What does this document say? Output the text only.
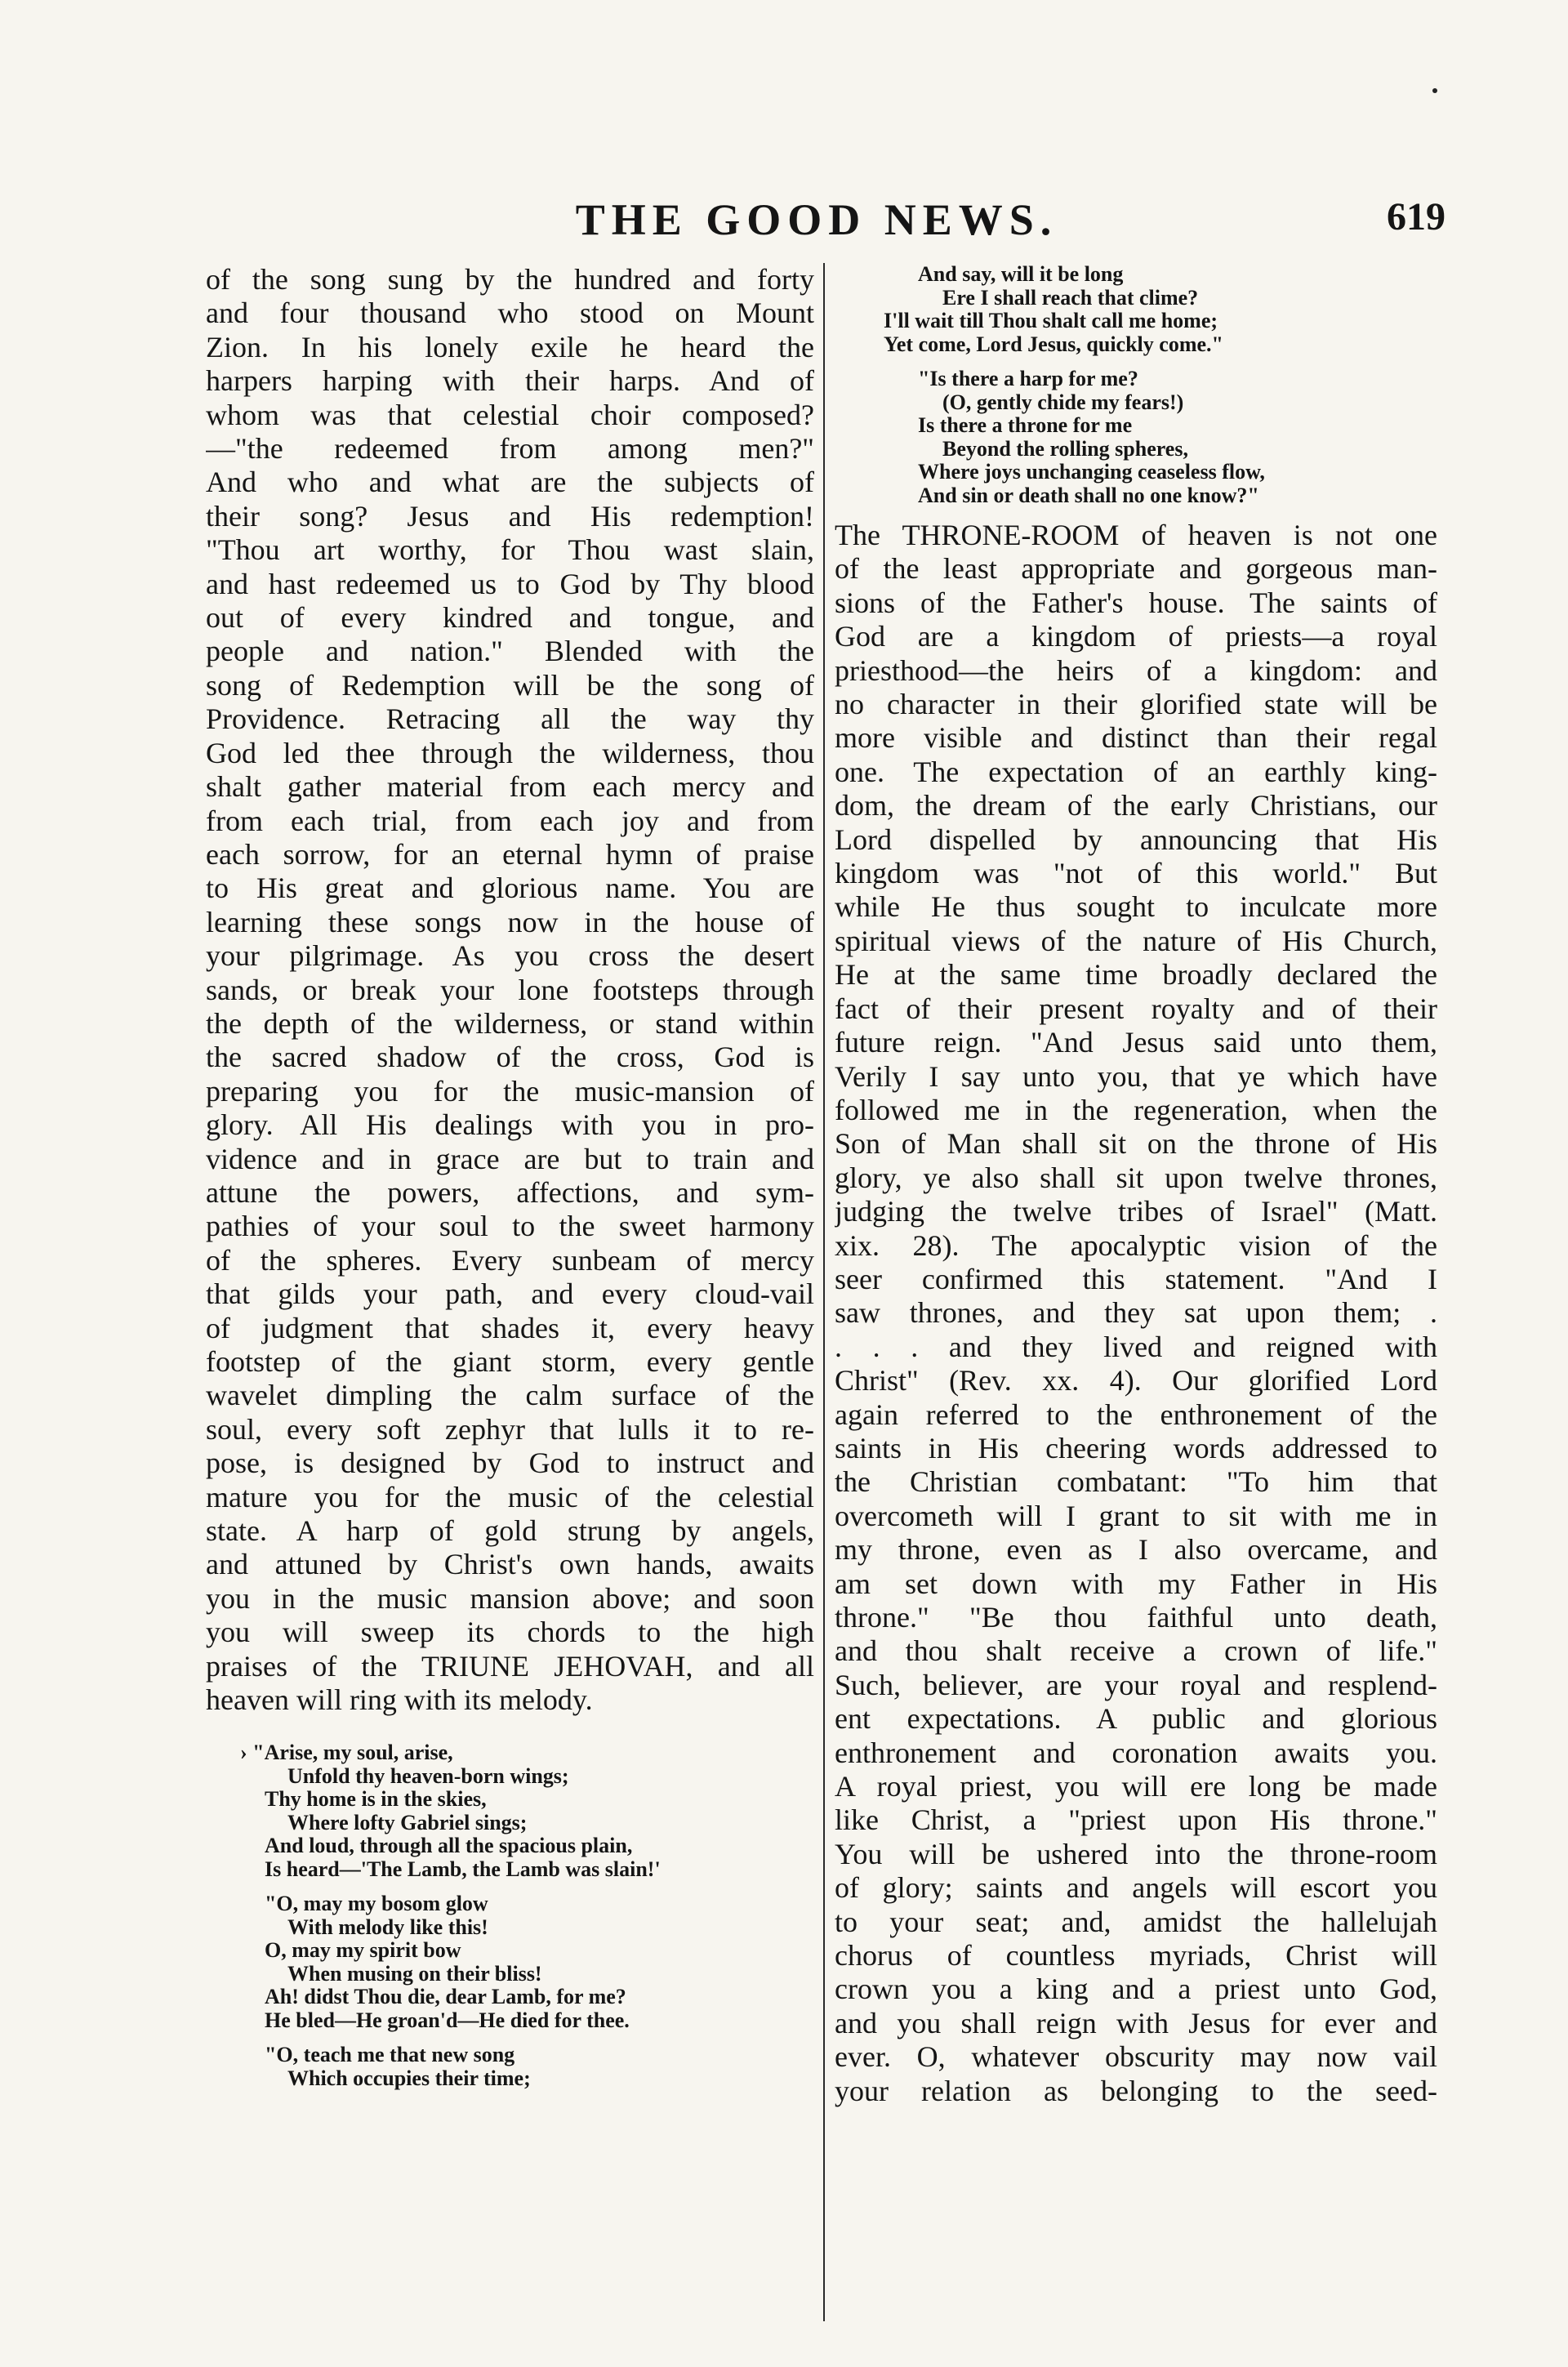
THE GOOD NEWS.	619

of the song sung by the hundred and forty
and four thousand who stood on Mount
Zion. In his lonely exile he heard the
harpers harping with their harps. And of
whom was that celestial choir composed?
—"the redeemed from among men?"
And who and what are the subjects of
their song? Jesus and His redemption!
"Thou art worthy, for Thou wast slain,
and hast redeemed us to God by Thy blood
out of every kindred and tongue, and
people and nation." Blended with the
song of Redemption will be the song of
Providence. Retracing all the way thy
God led thee through the wilderness, thou
shalt gather material from each mercy and
from each trial, from each joy and from
each sorrow, for an eternal hymn of praise
to His great and glorious name. You are
learning these songs now in the house of
your pilgrimage. As you cross the desert
sands, or break your lone footsteps through
the depth of the wilderness, or stand within
the sacred shadow of the cross, God is
preparing you for the music-mansion of
glory. All His dealings with you in pro-
vidence and in grace are but to train and
attune the powers, affections, and sym-
pathies of your soul to the sweet harmony
of the spheres. Every sunbeam of mercy
that gilds your path, and every cloud-vail
of judgment that shades it, every heavy
footstep of the giant storm, every gentle
wavelet dimpling the calm surface of the
soul, every soft zephyr that lulls it to re-
pose, is designed by God to instruct and
mature you for the music of the celestial
state. A harp of gold strung by angels,
and attuned by Christ's own hands, awaits
you in the music mansion above; and soon
you will sweep its chords to the high
praises of the TRIUNE JEHOVAH, and all
heaven will ring with its melody.

› "Arise, my soul, arise,
Unfold thy heaven-born wings;
Thy home is in the skies,
Where lofty Gabriel sings;
And loud, through all the spacious plain,
Is heard—'The Lamb, the Lamb was slain!'
"O, may my bosom glow
With melody like this!
O, may my spirit bow
When musing on their bliss!
Ah! didst Thou die, dear Lamb, for me?
He bled—He groan'd—He died for thee.
"O, teach me that new song
Which occupies their time;
And say, will it be long
Ere I shall reach that clime?
I'll wait till Thou shalt call me home;
Yet come, Lord Jesus, quickly come."
"Is there a harp for me?
(O, gently chide my fears!)
Is there a throne for me
Beyond the rolling spheres,
Where joys unchanging ceaseless flow,
And sin or death shall no one know?"

The THRONE-ROOM of heaven is not one
of the least appropriate and gorgeous man-
sions of the Father's house. The saints of
God are a kingdom of priests—a royal
priesthood—the heirs of a kingdom: and
no character in their glorified state will be
more visible and distinct than their regal
one. The expectation of an earthly king-
dom, the dream of the early Christians, our
Lord dispelled by announcing that His
kingdom was "not of this world." But
while He thus sought to inculcate more
spiritual views of the nature of His Church,
He at the same time broadly declared the
fact of their present royalty and of their
future reign. "And Jesus said unto them,
Verily I say unto you, that ye which have
followed me in the regeneration, when the
Son of Man shall sit on the throne of His
glory, ye also shall sit upon twelve thrones,
judging the twelve tribes of Israel" (Matt.
xix. 28). The apocalyptic vision of the
seer confirmed this statement. "And I
saw thrones, and they sat upon them; .
. . . and they lived and reigned with
Christ" (Rev. xx. 4). Our glorified Lord
again referred to the enthronement of the
saints in His cheering words addressed to
the Christian combatant: "To him that
overcometh will I grant to sit with me in
my throne, even as I also overcame, and
am set down with my Father in His
throne." "Be thou faithful unto death,
and thou shalt receive a crown of life."
Such, believer, are your royal and resplend-
ent expectations. A public and glorious
enthronement and coronation awaits you.
A royal priest, you will ere long be made
like Christ, a "priest upon His throne."
You will be ushered into the throne-room
of glory; saints and angels will escort you
to your seat; and, amidst the hallelujah
chorus of countless myriads, Christ will
crown you a king and a priest unto God,
and you shall reign with Jesus for ever and
ever. O, whatever obscurity may now vail
your relation as belonging to the seed-
